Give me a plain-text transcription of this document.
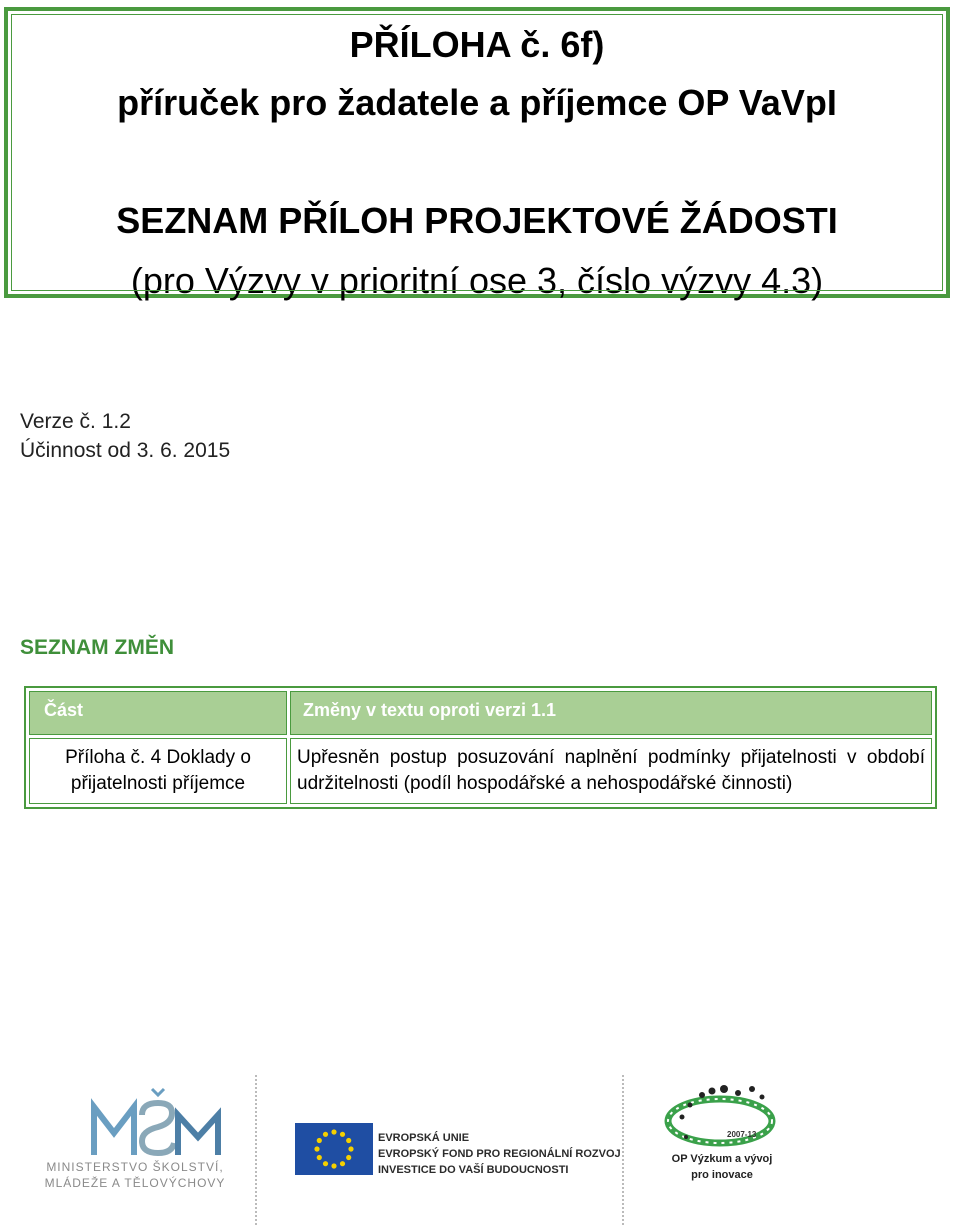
PŘÍLOHA č. 6f)
příruček pro žadatele a příjemce OP VaVpI
SEZNAM PŘÍLOH PROJEKTOVÉ ŽÁDOSTI
(pro Výzvy v prioritní ose 3, číslo výzvy 4.3)
Verze č. 1.2
Účinnost od 3. 6. 2015
SEZNAM ZMĚN
Část	Změny v textu oproti verzi 1.1
Příloha č. 4 Doklady o přijatelnosti příjemce	Upřesněn postup posuzování naplnění podmínky přijatelnosti v období udržitelnosti (podíl hospodářské a nehospodářské činnosti)
MINISTERSTVO ŠKOLSTVÍ,
MLÁDEŽE A TĚLOVÝCHOVY
EVROPSKÁ UNIE
EVROPSKÝ FOND PRO REGIONÁLNÍ ROZVOJ
INVESTICE DO VAŠÍ BUDOUCNOSTI
2007-13
OP Výzkum a vývoj
pro inovace
